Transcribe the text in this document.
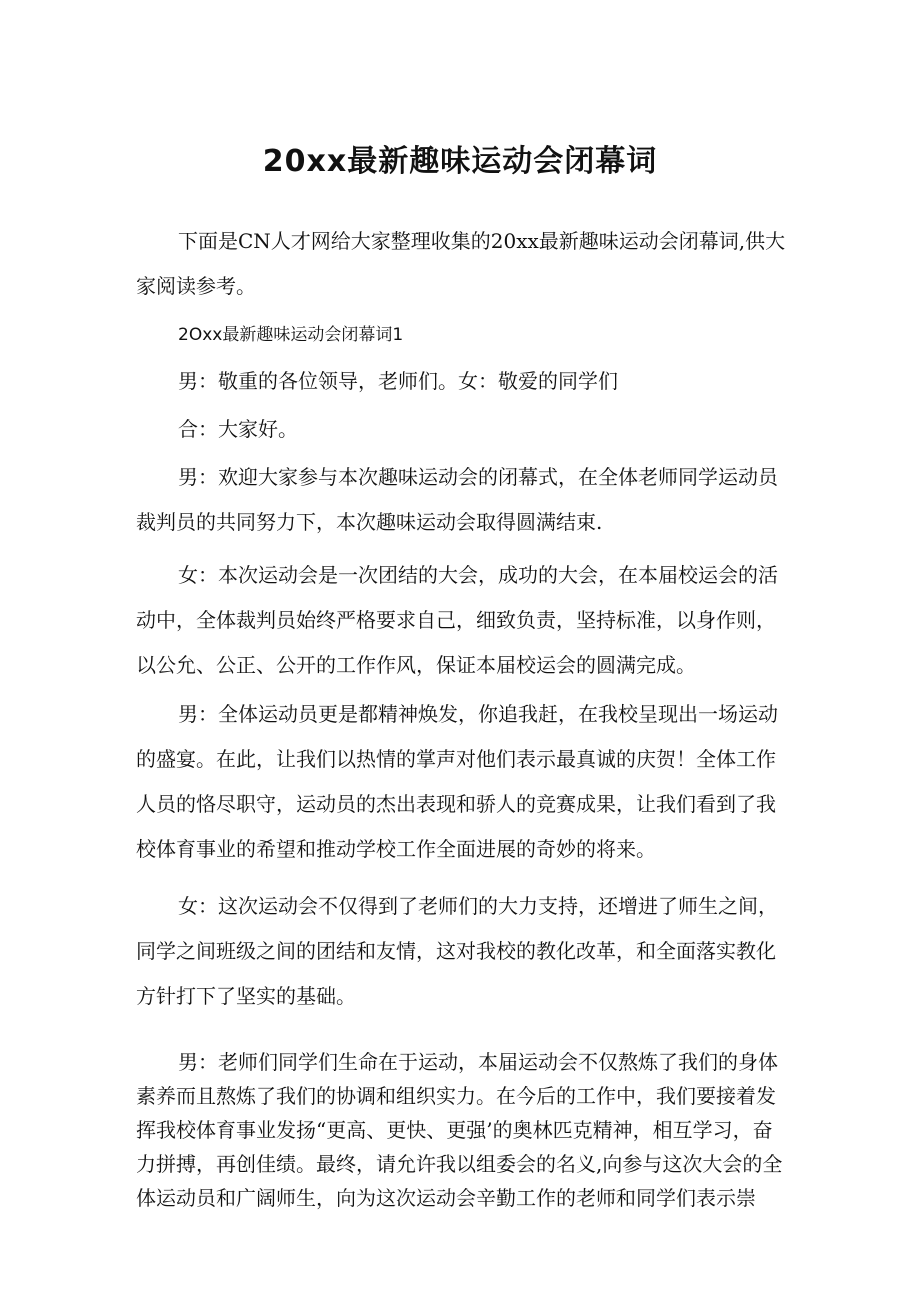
20xx最新趣味运动会闭幕词

下面是CN人才网给大家整理收集的20xx最新趣味运动会闭幕词,供大家阅读参考。

2Oxx最新趣味运动会闭幕词1

男：敬重的各位领导，老师们。女：敬爱的同学们

合：大家好。

男：欢迎大家参与本次趣味运动会的闭幕式，在全体老师同学运动员裁判员的共同努力下，本次趣味运动会取得圆满结束.

女：本次运动会是一次团结的大会，成功的大会，在本届校运会的活动中，全体裁判员始终严格要求自己，细致负责，坚持标准，以身作则，以公允、公正、公开的工作作风，保证本届校运会的圆满完成。

男：全体运动员更是都精神焕发，你追我赶，在我校呈现出一场运动的盛宴。在此，让我们以热情的掌声对他们表示最真诚的庆贺！全体工作人员的恪尽职守，运动员的杰出表现和骄人的竞赛成果，让我们看到了我校体育事业的希望和推动学校工作全面进展的奇妙的将来。

女：这次运动会不仅得到了老师们的大力支持，还增进了师生之间，同学之间班级之间的团结和友情，这对我校的教化改革，和全面落实教化方针打下了坚实的基础。

男：老师们同学们生命在于运动，本届运动会不仅熬炼了我们的身体素养而且熬炼了我们的协调和组织实力。在今后的工作中，我们要接着发挥我校体育事业发扬“更高、更快、更强’的奥林匹克精神，相互学习，奋力拼搏，再创佳绩。最终，请允许我以组委会的名义,向参与这次大会的全体运动员和广阔师生，向为这次运动会辛勤工作的老师和同学们表示崇
